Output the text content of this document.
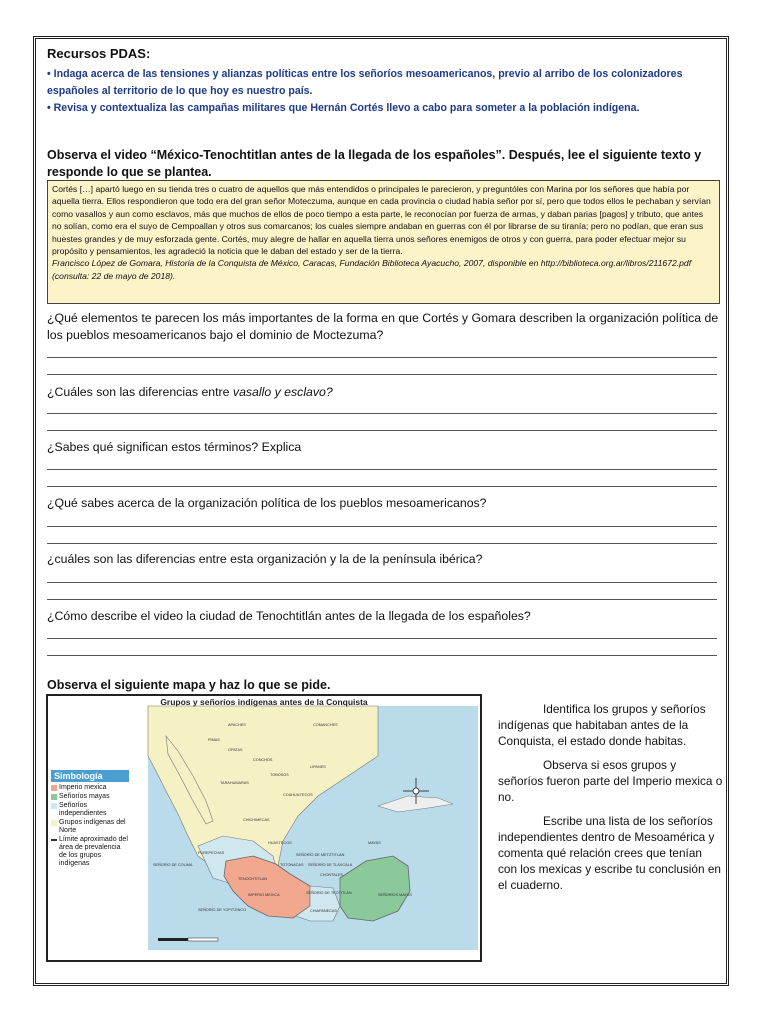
Recursos PDAS:
• Indaga acerca de las tensiones y alianzas políticas entre los señoríos mesoamericanos, previo al arribo de los colonizadores españoles al territorio de lo que hoy es nuestro país.
• Revisa y contextualiza las campañas militares que Hernán Cortés llevo a cabo para someter a la población indígena.
Observa el video “México-Tenochtitlan antes de la llegada de los españoles”. Después, lee el siguiente texto y responde lo que se plantea.
Cortés […] apartó luego en su tienda tres o cuatro de aquellos que más entendidos o principales le parecieron, y preguntóles con Marina por los señores que había por aquella tierra. Ellos respondieron que todo era del gran señor Moteczuma, aunque en cada provincia o ciudad había señor por sí, pero que todos ellos le pechaban y servían como vasallos y aun como esclavos, más que muchos de ellos de poco tiempo a esta parte, le reconocían por fuerza de armas, y daban parias [pagos] y tributo, que antes no solían, como era el suyo de Cempoallan y otros sus comarcanos; los cuales siempre andaban en guerras con él por librarse de su tiranía; pero no podían, que eran sus huestes grandes y de muy esforzada gente. Cortés, muy alegre de hallar en aquella tierra unos señores enemigos de otros y con guerra, para poder efectuar mejor su propósito y pensamientos, les agradeció la noticia que le daban del estado y ser de la tierra.
Francisco López de Gomara, Historia de la Conquista de México, Caracas, Fundación Biblioteca Ayacucho, 2007, disponible en http://biblioteca.org.ar/libros/211672.pdf (consulta: 22 de mayo de 2018).
¿Qué elementos te parecen los más importantes de la forma en que Cortés y Gomara describen la organización política de los pueblos mesoamericanos bajo el dominio de Moctezuma?
¿Cuáles son las diferencias entre vasallo y esclavo?
¿Sabes qué significan estos términos? Explica
¿Qué sabes acerca de la organización política de los pueblos mesoamericanos?
¿cuáles son las diferencias entre esta organización y la de la península ibérica?
¿Cómo describe el video la ciudad de Tenochtitlán antes de la llegada de los españoles?
Observa el siguiente mapa y haz lo que se pide.
Grupos y señoríos indígenas antes de la Conquista
PIMAS
OPATAS
CONCHOS
APACHES	COMANCHES
TOBOSOS
LIPANES
TARAHUMARAS
COAHUILTECOS
CHICHIMECAS
HUASTECOS
TOTONACAS
PUREPECHAS
TENOCHTITLAN
MAYAS
CHONTALES
CHIAPANECAS
SEÑORÍO DE METZTITLÁN
SEÑORÍO DE TLAXCALA
SEÑORÍO DE TEOTITLÁN
SEÑORÍO DE YOPITZINCO
SEÑORÍO DE COLIMA
IMPERIO MEXICA	SEÑORÍOS MAYAS
Simbología
Imperio mexica
Señoríos mayas
Señoríos independientes
Grupos indígenas del Norte
Límite aproximado del área de prevalencia de los grupos indígenas

Identifica los grupos y señoríos indígenas que habitaban antes de la Conquista, el estado donde habitas.

Observa si esos grupos y señoríos fueron parte del Imperio mexica o no.

Escribe una lista de los señoríos independientes dentro de Mesoamérica y comenta qué relación crees que tenían con los mexicas y escribe tu conclusión en el cuaderno.
